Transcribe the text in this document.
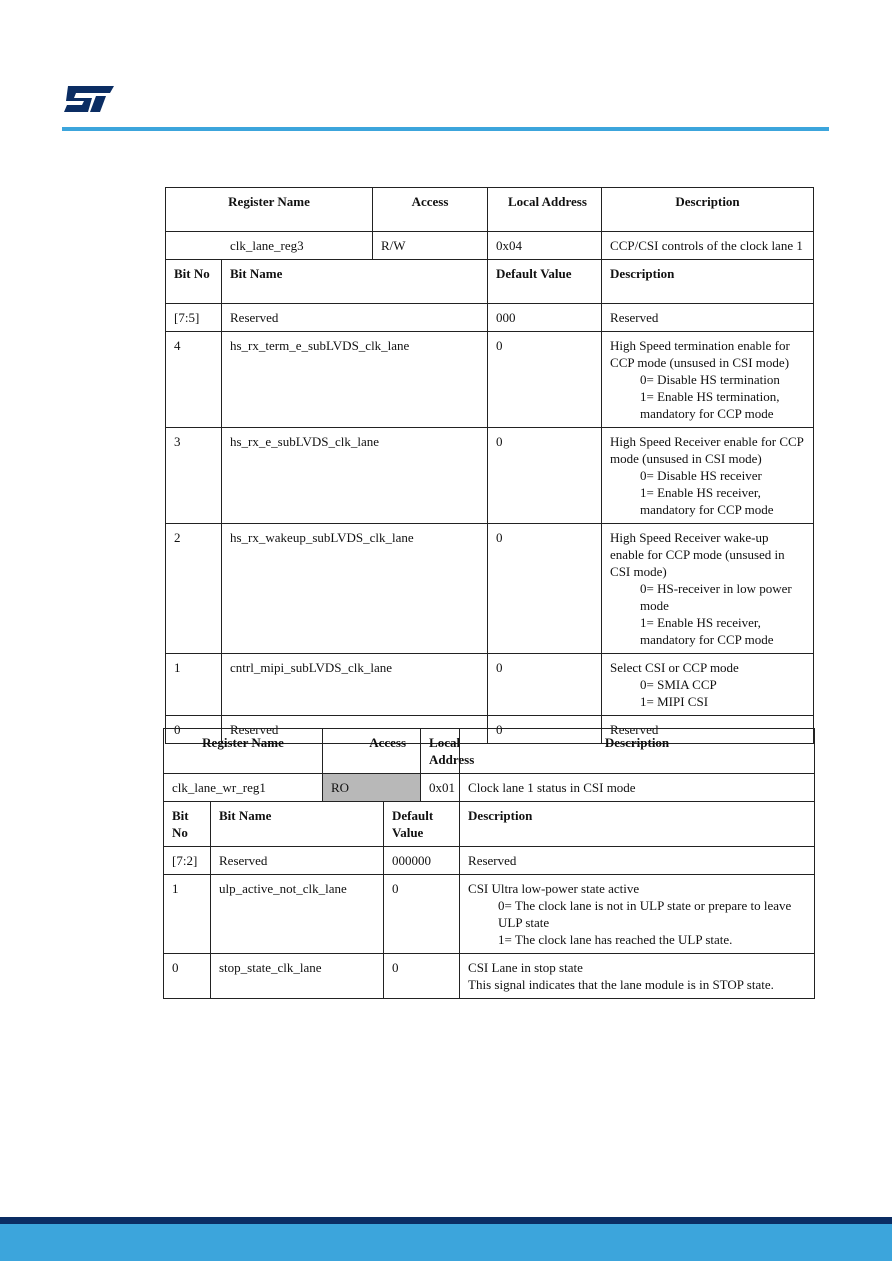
Register Name		Access	Local Address	Description
clk_lane_reg3		R/W	0x04	CCP/CSI controls of the clock lane 1
Bit No	Bit Name		Default Value	Description
[7:5]	Reserved		000	Reserved

4	hs_rx_term_e_subLVDS_clk_lane		0	High Speed termination enable for CCP mode (unsused in CSI mode)
0= Disable HS termination
1= Enable HS termination, mandatory for CCP mode

3	hs_rx_e_subLVDS_clk_lane		0	High Speed Receiver enable for CCP mode (unsused in CSI mode)
0= Disable HS receiver
1= Enable HS receiver, mandatory for CCP mode

2	hs_rx_wakeup_subLVDS_clk_lane		0	High Speed Receiver wake-up enable for CCP mode (unsused in CSI mode)
0= HS-receiver in low power mode
1= Enable HS receiver, mandatory for CCP mode

1	cntrl_mipi_subLVDS_clk_lane		0	Select CSI or CCP mode
0= SMIA CCP
1= MIPI CSI

0	Reserved		0	Reserved
Register Name		Access		Local Address	Description
clk_lane_wr_reg1		RO		0x01	Clock lane 1 status in CSI mode
Bit No	Bit Name		Default Value		Description
[7:2]	Reserved		000000		Reserved

1	ulp_active_not_clk_lane		0		CSI Ultra low-power state active
0= The clock lane is not in ULP state or prepare to leave ULP state
1= The clock lane has reached the ULP state.

0	stop_state_clk_lane		0		CSI Lane in stop state
This signal indicates that the lane module is in STOP state.
